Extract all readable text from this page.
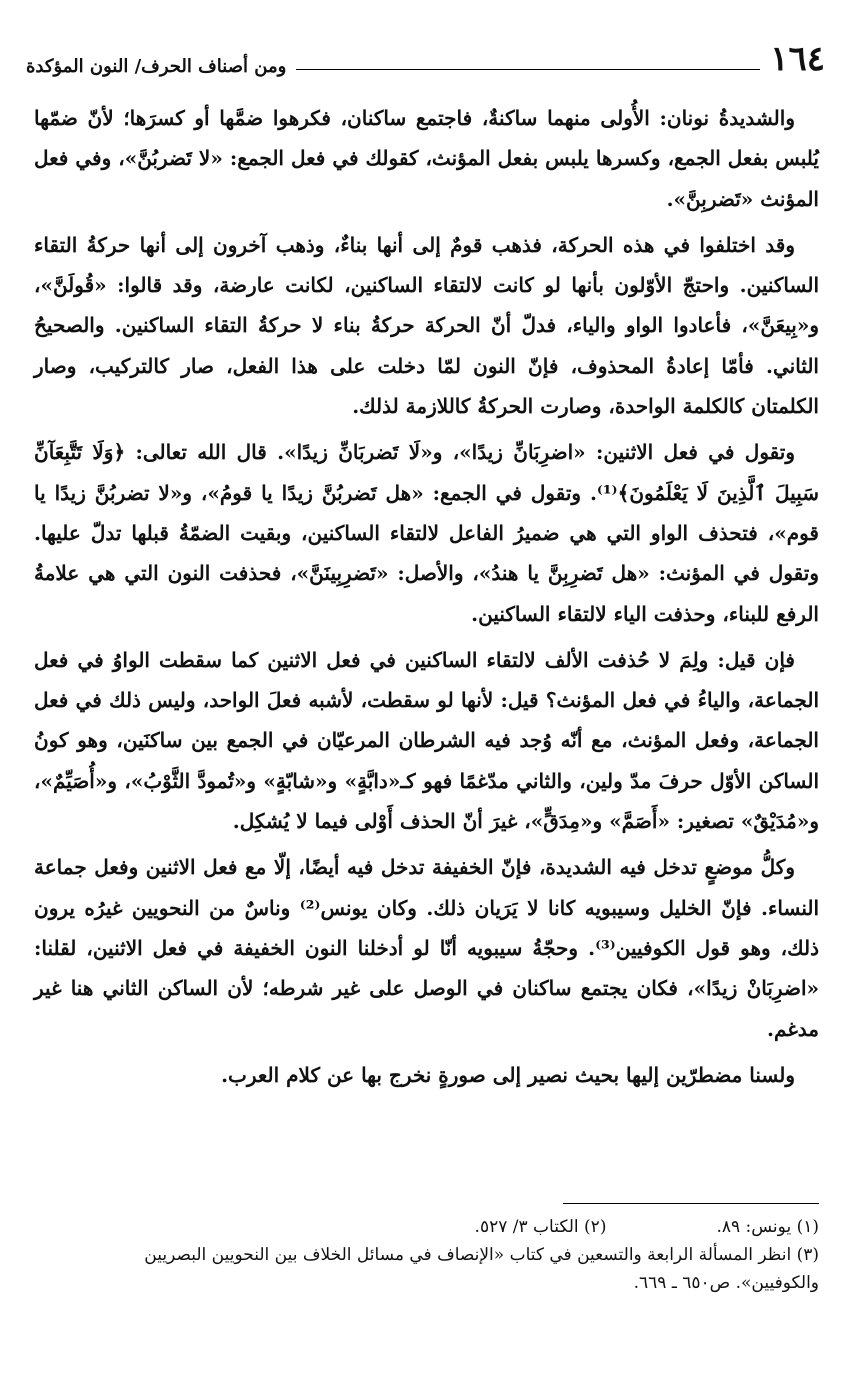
١٦٤
ومن أصناف الحرف/ النون المؤكدة

والشديدةُ نونان: الأُولى منهما ساكنةٌ، فاجتمع ساكنان، فكرهوا ضمَّها أو كسرَها؛ لأنّ ضمّها يُلبس بفعل الجمع، وكسرها يلبس بفعل المؤنث، كقولك في فعل الجمع: «لا تَضربُنَّ»، وفي فعل المؤنث «تَضربِنَّ».

وقد اختلفوا في هذه الحركة، فذهب قومٌ إلى أنها بناءٌ، وذهب آخرون إلى أنها حركةُ التقاء الساكنين. واحتجّ الأوّلون بأنها لو كانت لالتقاء الساكنين، لكانت عارضة، وقد قالوا: «قُولَنَّ»، و«بِيعَنَّ»، فأعادوا الواو والياء، فدلّ أنّ الحركة حركةُ بناء لا حركةُ التقاء الساكنين. والصحيحُ الثاني. فأمّا إعادةُ المحذوف، فإنّ النون لمّا دخلت على هذا الفعل، صار كالتركيب، وصار الكلمتان كالكلمة الواحدة، وصارت الحركةُ كاللازمة لذلك.

وتقول في فعل الاثنين: «اضرِبَانِّ زيدًا»، و«لَا تَضربَانِّ زيدًا». قال الله تعالى: ﴿وَلَا تَتَّبِعَآنِّ سَبِيلَ ٱلَّذِينَ لَا يَعْلَمُونَ﴾⁽¹⁾. وتقول في الجمع: «هل تَضربُنَّ زيدًا يا قومُ»، و«لا تضربُنَّ زيدًا يا قوم»، فتحذف الواو التي هي ضميرُ الفاعل لالتقاء الساكنين، وبقيت الضمّةُ قبلها تدلّ عليها. وتقول في المؤنث: «هل تَضرِبِنَّ يا هندُ»، والأصل: «تَضرِبِينَنَّ»، فحذفت النون التي هي علامةُ الرفع للبناء، وحذفت الياء لالتقاء الساكنين.

فإن قيل: ولِمَ لا حُذفت الألف لالتقاء الساكنين في فعل الاثنين كما سقطت الواوُ في فعل الجماعة، والياءُ في فعل المؤنث؟ قيل: لأنها لو سقطت، لأشبه فعلَ الواحد، وليس ذلك في فعل الجماعة، وفعل المؤنث، مع أنّه وُجد فيه الشرطان المرعيّان في الجمع بين ساكنَين، وهو كونُ الساكن الأوّل حرفَ مدّ ولين، والثاني مدّغمًا فهو كـ«دابَّةٍ» و«شابّةٍ» و«تُمودَّ الثَّوْبُ»، و«أُصَيِّمٌ»، و«مُدَيْقٌ» تصغير: «أَصَمَّ» و«مِدَقٍّ»، غيرَ أنّ الحذف أَوْلى فيما لا يُشكِل.

وكلُّ موضعٍ تدخل فيه الشديدة، فإنّ الخفيفة تدخل فيه أيضًا، إلّا مع فعل الاثنين وفعل جماعة النساء. فإنّ الخليل وسيبويه كانا لا يَرَيان ذلك. وكان يونس⁽²⁾ وناسٌ من النحويين غيرُه يرون ذلك، وهو قول الكوفيين⁽³⁾. وحجّةُ سيبويه أنّا لو أدخلنا النون الخفيفة في فعل الاثنين، لقلنا: «اضرِبَانْ زيدًا»، فكان يجتمع ساكنان في الوصل على غير شرطه؛ لأن الساكن الثاني هنا غير مدغم.

ولسنا مضطرّين إليها بحيث نصير إلى صورةٍ نخرج بها عن كلام العرب.

(١) يونس: ٨٩.
(٢) الكتاب ٣/ ٥٢٧.
(٣) انظر المسألة الرابعة والتسعين في كتاب «الإنصاف في مسائل الخلاف بين النحويين البصريين
والكوفيين». ص٦٥٠ ـ ٦٦٩.
